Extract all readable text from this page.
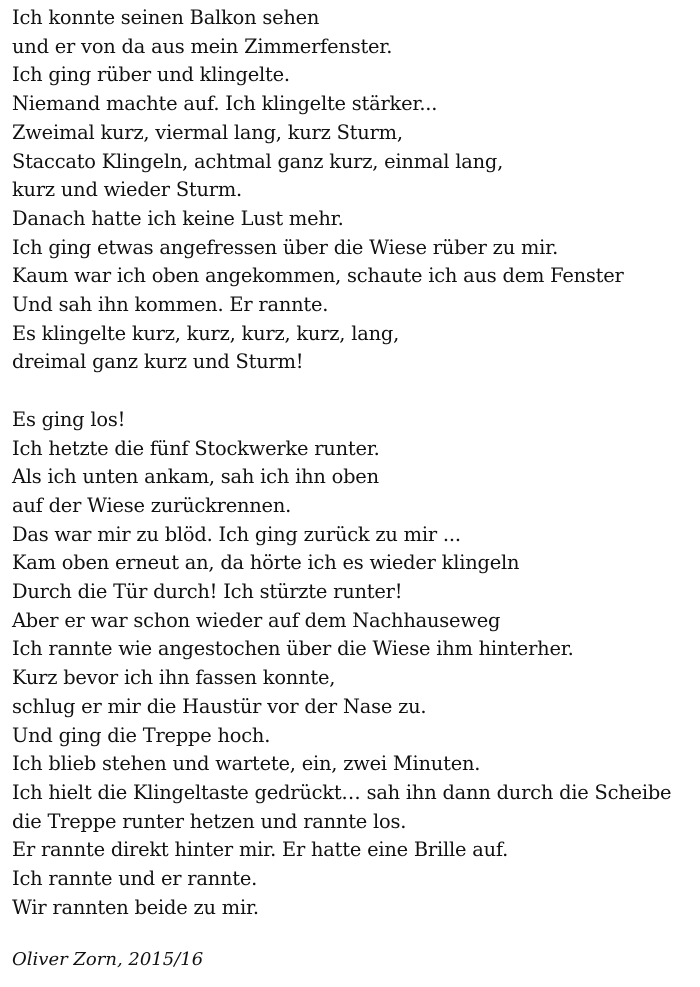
Ich konnte seinen Balkon sehen
und er von da aus mein Zimmerfenster.
Ich ging rüber und klingelte.
Niemand machte auf. Ich klingelte stärker...
Zweimal kurz, viermal lang, kurz Sturm,
Staccato Klingeln, achtmal ganz kurz, einmal lang,
kurz und wieder Sturm.
Danach hatte ich keine Lust mehr.
Ich ging etwas angefressen über die Wiese rüber zu mir.
Kaum war ich oben angekommen, schaute ich aus dem Fenster
Und sah ihn kommen. Er rannte.
Es klingelte kurz, kurz, kurz, kurz, lang,
dreimal ganz kurz und Sturm!
Es ging los!
Ich hetzte die fünf Stockwerke runter.
Als ich unten ankam, sah ich ihn oben
auf der Wiese zurückrennen.
Das war mir zu blöd. Ich ging zurück zu mir ...
Kam oben erneut an, da hörte ich es wieder klingeln
Durch die Tür durch! Ich stürzte runter!
Aber er war schon wieder auf dem Nachhauseweg
Ich rannte wie angestochen über die Wiese ihm hinterher.
Kurz bevor ich ihn fassen konnte,
schlug er mir die Haustür vor der Nase zu.
Und ging die Treppe hoch.
Ich blieb stehen und wartete, ein, zwei Minuten.
Ich hielt die Klingeltaste gedrückt… sah ihn dann durch die Scheibe
die Treppe runter hetzen und rannte los.
Er rannte direkt hinter mir. Er hatte eine Brille auf.
Ich rannte und er rannte.
Wir rannten beide zu mir.
Oliver Zorn, 2015/16
